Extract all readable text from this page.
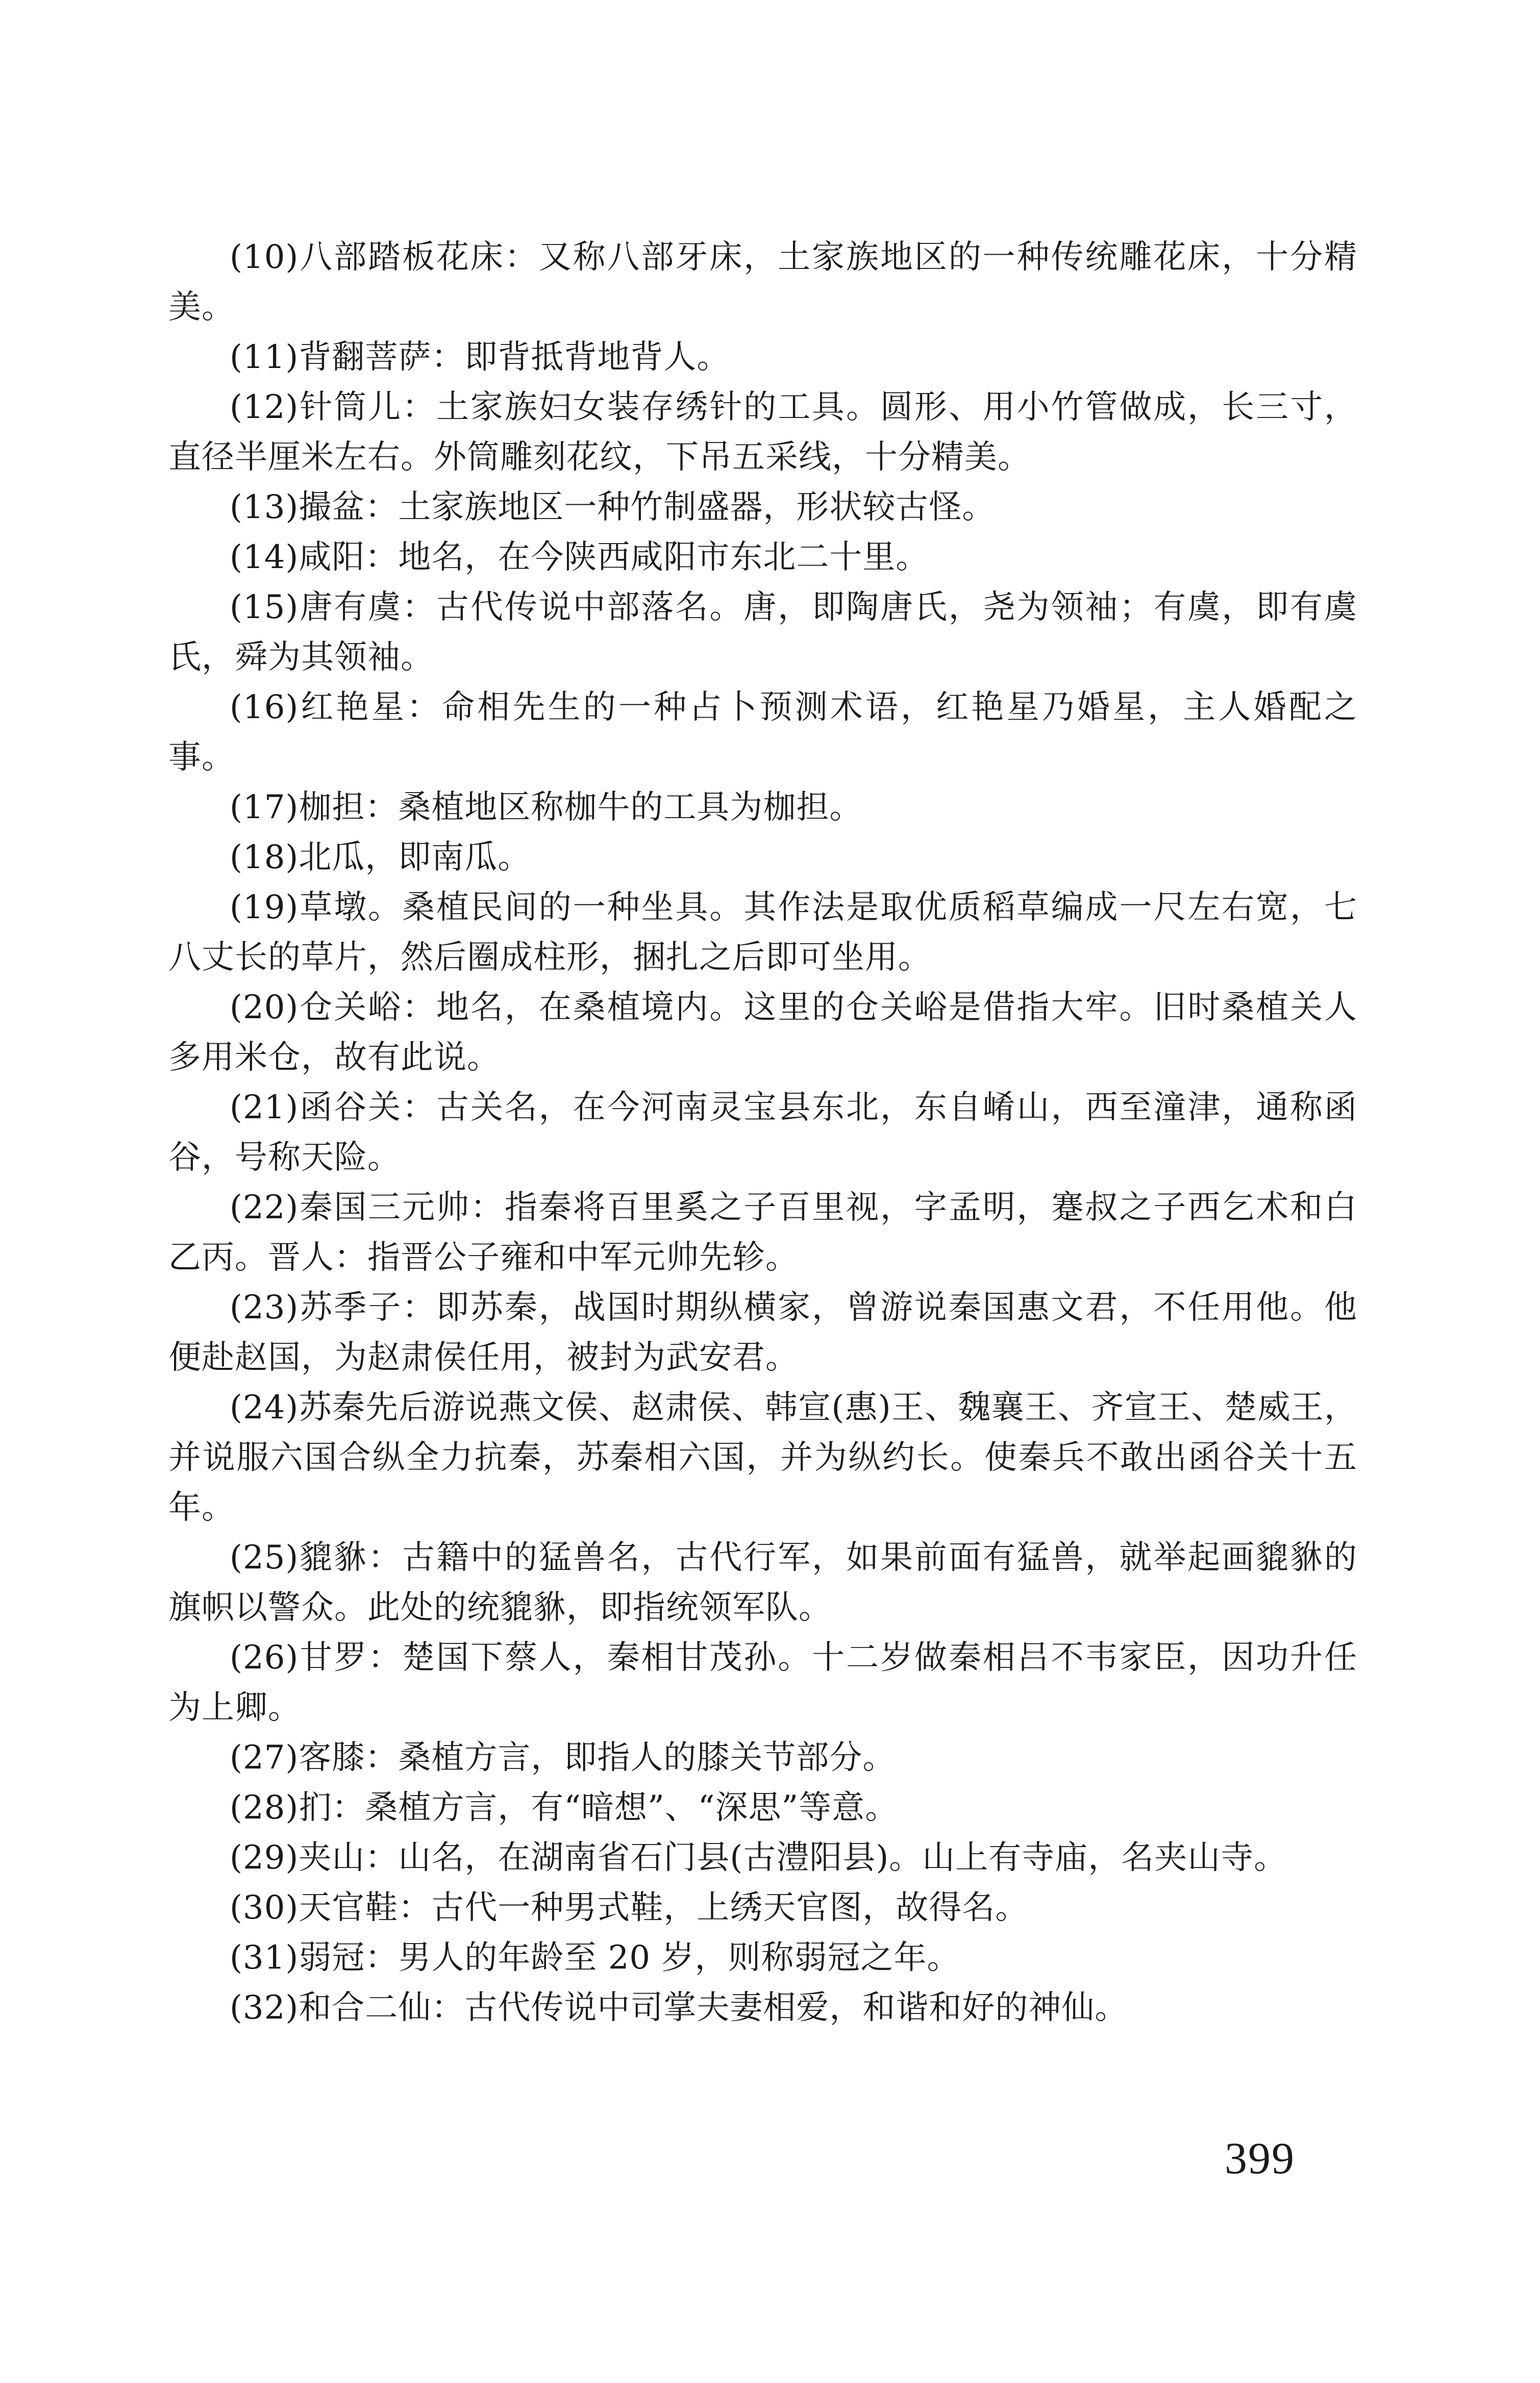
(10)八部踏板花床：又称八部牙床，土家族地区的一种传统雕花床，十分精美。

(11)背翻菩萨：即背抵背地背人。

(12)针筒儿：土家族妇女装存绣针的工具。圆形、用小竹管做成，长三寸，直径半厘米左右。外筒雕刻花纹，下吊五采线，十分精美。

(13)撮盆：土家族地区一种竹制盛器，形状较古怪。

(14)咸阳：地名，在今陕西咸阳市东北二十里。

(15)唐有虞：古代传说中部落名。唐，即陶唐氏，尧为领袖；有虞，即有虞氏，舜为其领袖。

(16)红艳星：命相先生的一种占卜预测术语，红艳星乃婚星，主人婚配之事。

(17)枷担：桑植地区称枷牛的工具为枷担。

(18)北瓜，即南瓜。

(19)草墩。桑植民间的一种坐具。其作法是取优质稻草编成一尺左右宽，七八丈长的草片，然后圈成柱形，捆扎之后即可坐用。

(20)仓关峪：地名，在桑植境内。这里的仓关峪是借指大牢。旧时桑植关人多用米仓，故有此说。

(21)函谷关：古关名，在今河南灵宝县东北，东自崤山，西至潼津，通称函谷，号称天险。

(22)秦国三元帅：指秦将百里奚之子百里视，字孟明，蹇叔之子西乞术和白乙丙。晋人：指晋公子雍和中军元帅先轸。

(23)苏季子：即苏秦，战国时期纵横家，曾游说秦国惠文君，不任用他。他便赴赵国，为赵肃侯任用，被封为武安君。

(24)苏秦先后游说燕文侯、赵肃侯、韩宣(惠)王、魏襄王、齐宣王、楚威王，并说服六国合纵全力抗秦，苏秦相六国，并为纵约长。使秦兵不敢出函谷关十五年。

(25)貔貅：古籍中的猛兽名，古代行军，如果前面有猛兽，就举起画貔貅的旗帜以警众。此处的统貔貅，即指统领军队。

(26)甘罗：楚国下蔡人，秦相甘茂孙。十二岁做秦相吕不韦家臣，因功升任为上卿。

(27)客膝：桑植方言，即指人的膝关节部分。

(28)扪：桑植方言，有“暗想”、“深思”等意。

(29)夹山：山名，在湖南省石门县(古澧阳县)。山上有寺庙，名夹山寺。

(30)天官鞋：古代一种男式鞋，上绣天官图，故得名。

(31)弱冠：男人的年龄至 20 岁，则称弱冠之年。

(32)和合二仙：古代传说中司掌夫妻相爱，和谐和好的神仙。

399
